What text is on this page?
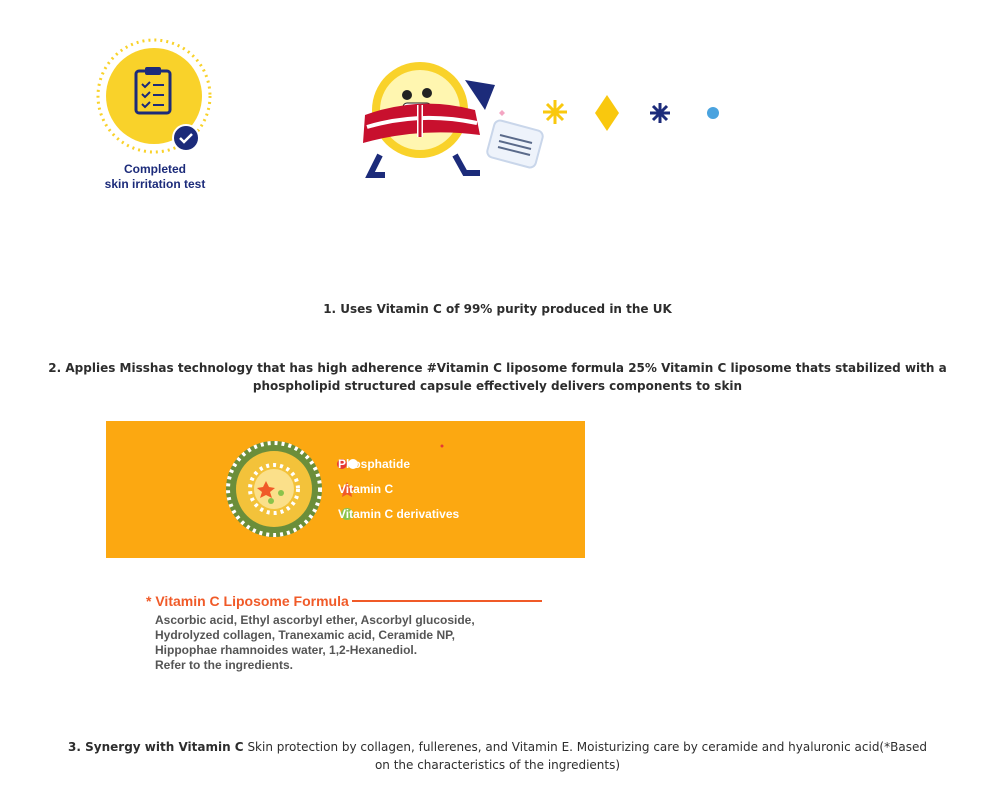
Completed
skin irritation test
1. Uses Vitamin C of 99% purity produced in the UK
2. Applies Misshas technology that has high adherence #Vitamin C liposome formula 25% Vitamin C liposome thats stabilized with a
phospholipid structured capsule effectively delivers components to skin
Phosphatide
Vitamin C
Vitamin C derivatives
* Vitamin C Liposome Formula
Ascorbic acid, Ethyl ascorbyl ether, Ascorbyl glucoside,
Hydrolyzed collagen, Tranexamic acid, Ceramide NP,
Hippophae rhamnoides water, 1,2-Hexanediol.
Refer to the ingredients.
3. Synergy with Vitamin C Skin protection by collagen, fullerenes, and Vitamin E. Moisturizing care by ceramide and hyaluronic acid(*Based
on the characteristics of the ingredients)
